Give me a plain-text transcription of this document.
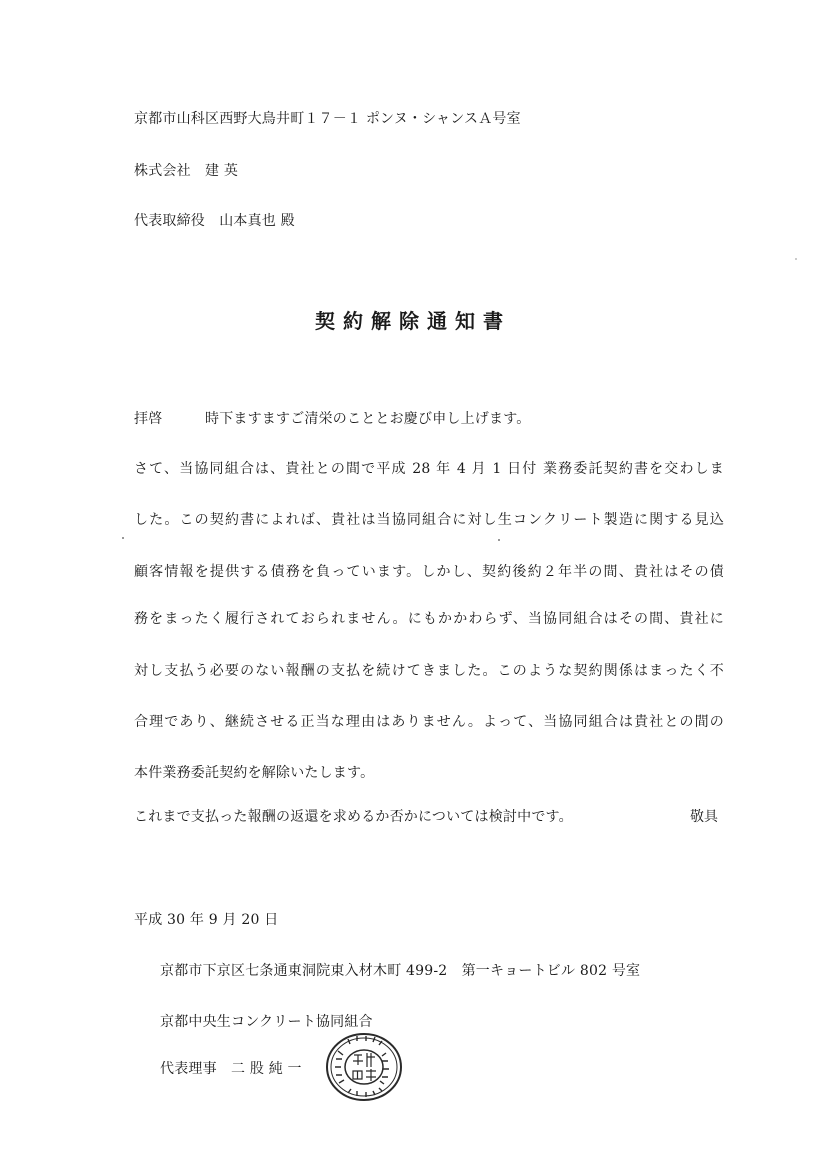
京都市山科区西野大鳥井町１７－１ ポンヌ・シャンスＡ号室
株式会社　建 英
代表取締役　山本真也 殿
契約解除通知書
拝啓　　　時下ますますご清栄のこととお慶び申し上げます。
さて、当協同組合は、貴社との間で平成 28 年 4 月 1 日付 業務委託契約書を交わしま
した。この契約書によれば、貴社は当協同組合に対し生コンクリート製造に関する見込
顧客情報を提供する債務を負っています。しかし、契約後約２年半の間、貴社はその債
務をまったく履行されておられません。にもかかわらず、当協同組合はその間、貴社に
対し支払う必要のない報酬の支払を続けてきました。このような契約関係はまったく不
合理であり、継続させる正当な理由はありません。よって、当協同組合は貴社との間の
本件業務委託契約を解除いたします。
これまで支払った報酬の返還を求めるか否かについては検討中です。	敬具
平成 30 年 9 月 20 日
京都市下京区七条通東洞院東入材木町 499-2　第一キョートビル 802 号室
京都中央生コンクリート協同組合
代表理事　二 股 純 一
